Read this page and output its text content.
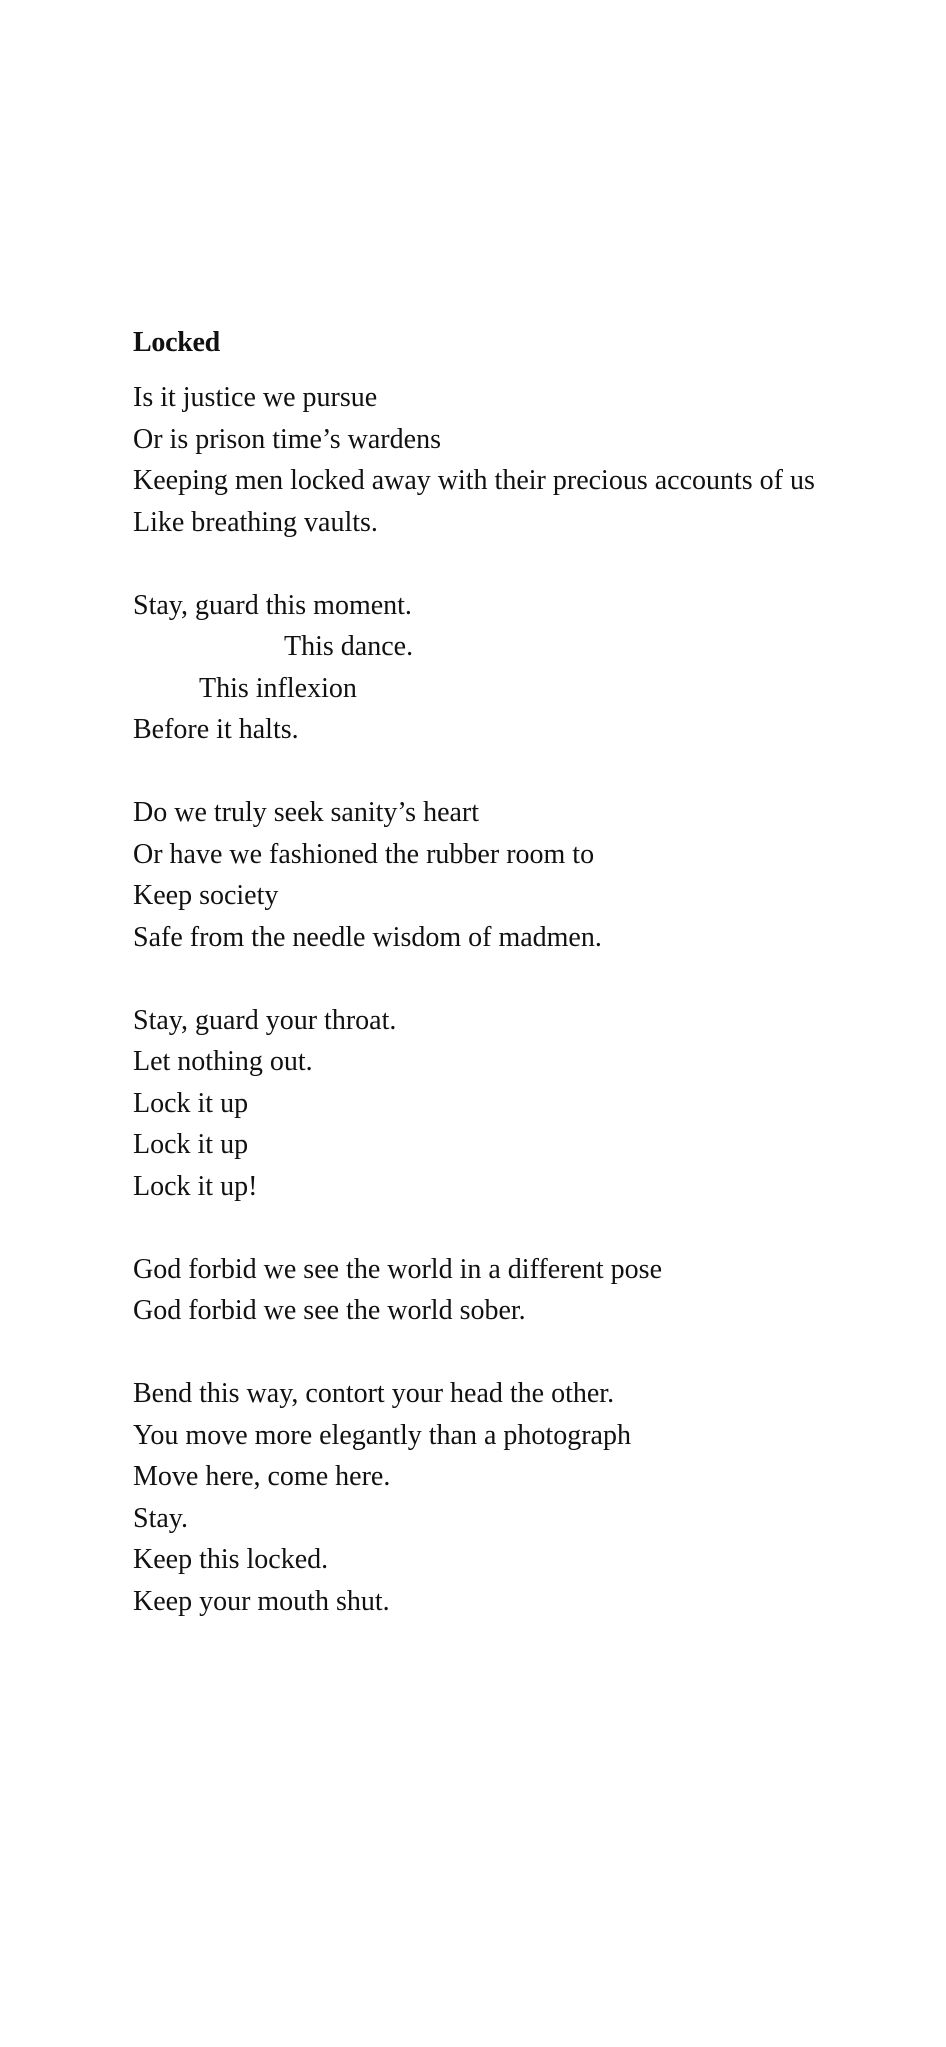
Locked
Is it justice we pursue
Or is prison time’s wardens
Keeping men locked away with their precious accounts of us
Like breathing vaults.
Stay, guard this moment.
This dance.
This inflexion
Before it halts.
Do we truly seek sanity’s heart
Or have we fashioned the rubber room to
Keep society
Safe from the needle wisdom of madmen.
Stay, guard your throat.
Let nothing out.
Lock it up
Lock it up
Lock it up!
God forbid we see the world in a different pose
God forbid we see the world sober.
Bend this way, contort your head the other.
You move more elegantly than a photograph
Move here, come here.
Stay.
Keep this locked.
Keep your mouth shut.
